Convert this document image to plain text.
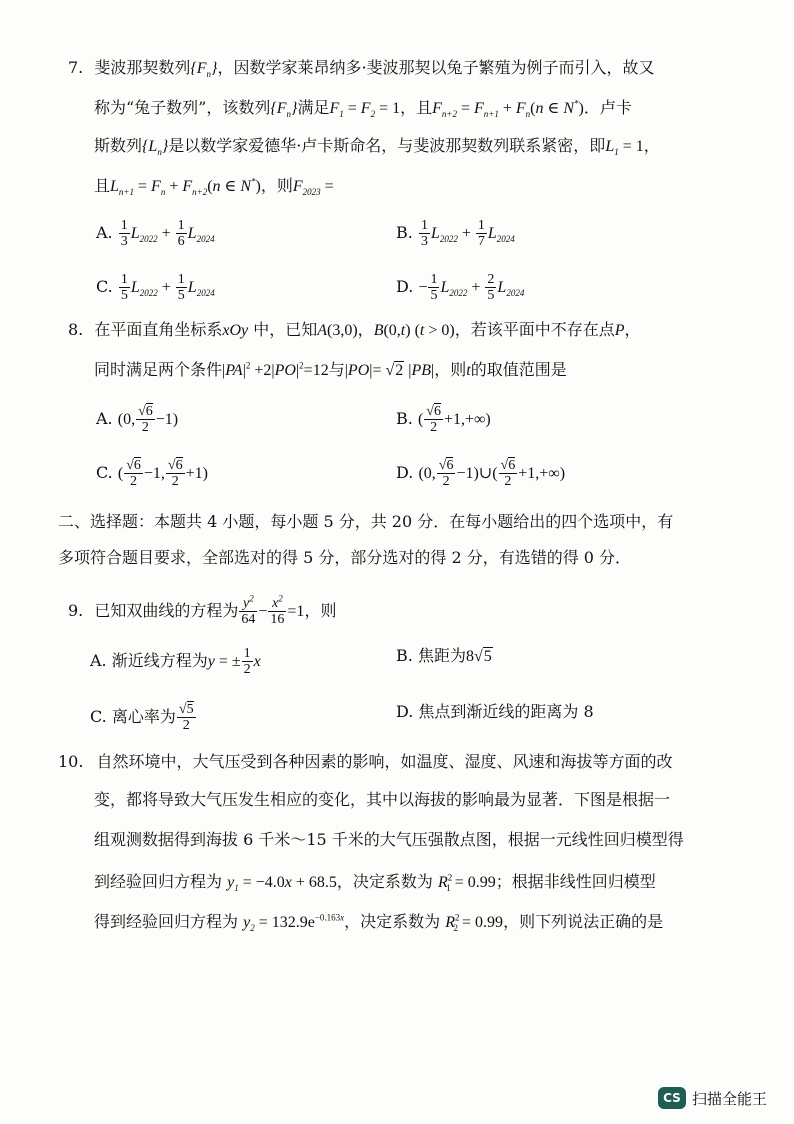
7. 斐波那契数列$\{F_n\}$，因数学家莱昂纳多·斐波那契以兔子繁殖为例子而引入，故又
称为“兔子数列”，该数列$\{F_n\}$满足$F_1 = F_2 = 1$，且$F_{n+2} = F_{n+1} + F_n(n$ ∈ N*)．卢卡
斯数列$\{L_n\}$是以数学家爱德华·卢卡斯命名，与斐波那契数列联系紧密，即$L_1 = 1$，
且$L_{n+1} = F_n + F_{n+2}(n$ ∈ N*)，则$F_{2023}$ =
A. $\frac{1}{3} L_{2022} + \frac{1}{6} L_{2024}$	B. $\frac{1}{3} L_{2022} + \frac{1}{7} L_{2024}$
C. $\frac{1}{5} L_{2022} + \frac{1}{5} L_{2024}$	D. − $\frac{1}{5} L_{2022} + \frac{2}{5} L_{2024}$
8. 在平面直角坐标系xOy 中，已知A(3,0)，B(0,t) (t > 0)，若该平面中不存在点P，
同时满足两个条件$|PA|^2 +2|PO|^2=12$与|PO|= √2 |PB|，则t的取值范围是
A. (0, $\frac{√6}{2} -1$)	B. ( $\frac{√6}{2} +1,+\infty$)
C. ( $\frac{√6}{2} -1$, $\frac{√6}{2} +1$)	D. (0, $\frac{√6}{2}$ −1)∪( $\frac{√6}{2} +1,+\infty$)
二、选择题：本题共 4 小题，每小题 5 分，共 20 分．在每小题给出的四个选项中，有
多项符合题目要求，全部选对的得 5 分，部分选对的得 2 分，有选错的得 0 分．
9. 已知双曲线的方程为 $\frac{y^2}{64} - \frac{x^2}{16} =1$，则
A. 渐近线方程为y = ± $\frac{1}{2}$ x	B. 焦距为8√5
C. 离心率为 $\frac{√5}{2}$	D. 焦点到渐近线的距离为 8
10. 自然环境中，大气压受到各种因素的影响，如温度、湿度、风速和海拔等方面的改
变，都将导致大气压发生相应的变化，其中以海拔的影响最为显著．下图是根据一
组观测数据得到海拔 6 千米～15 千米的大气压强散点图，根据一元线性回归模型得
到经验回归方程为 $y_1 = -4.0x + 68.5$，决定系数为 $R^2_1 = 0.99$；根据非线性回归模型
得到经验回归方程为 $y_2 = 132.9e^{-0.163x}$，决定系数为 $R^2_2 = 0.99$，则下列说法正确的是
CS 扫描全能王
